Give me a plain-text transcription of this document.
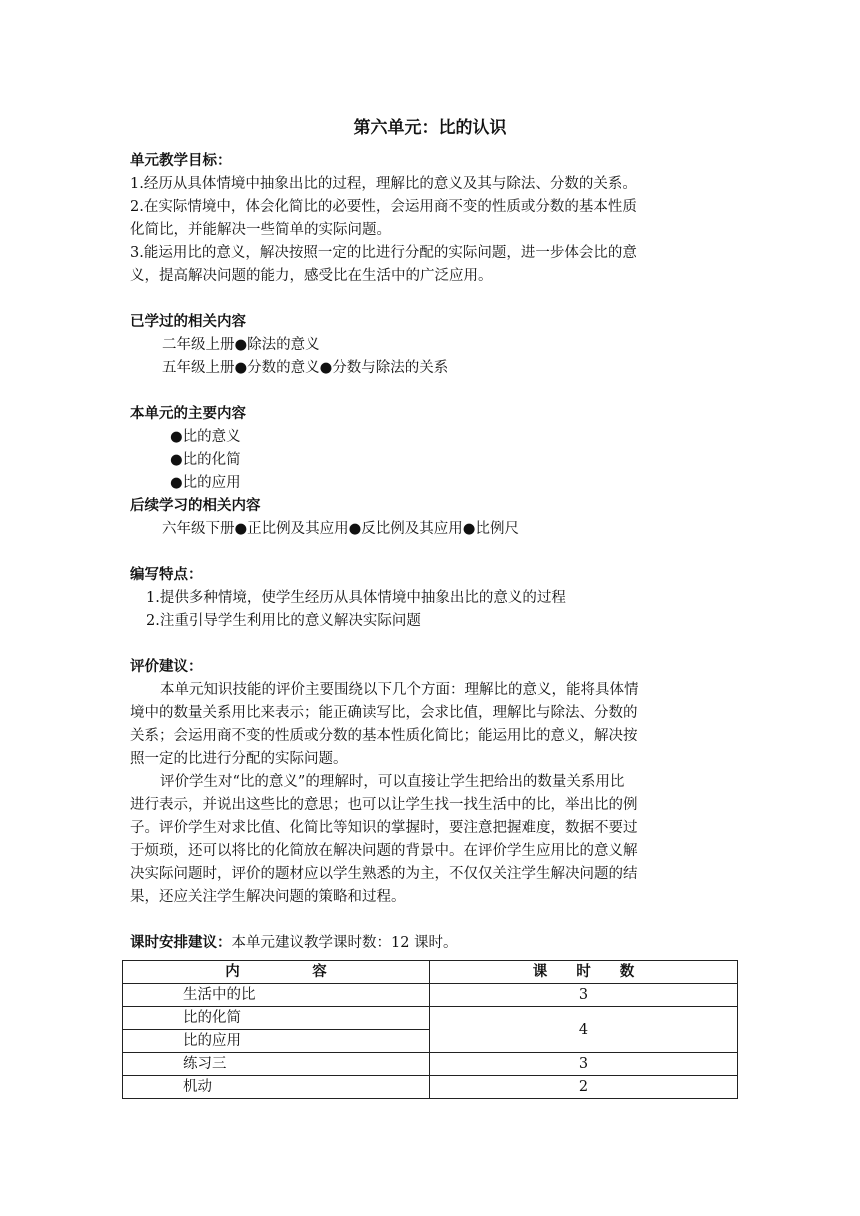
第六单元：比的认识
单元教学目标：
1.经历从具体情境中抽象出比的过程，理解比的意义及其与除法、分数的关系。
2.在实际情境中，体会化简比的必要性，会运用商不变的性质或分数的基本性质
化简比，并能解决一些简单的实际问题。
3.能运用比的意义，解决按照一定的比进行分配的实际问题，进一步体会比的意
义，提高解决问题的能力，感受比在生活中的广泛应用。
已学过的相关内容
二年级上册●除法的意义
五年级上册●分数的意义●分数与除法的关系
本单元的主要内容
●比的意义
●比的化简
●比的应用
后续学习的相关内容
六年级下册●正比例及其应用●反比例及其应用●比例尺
编写特点：
1.提供多种情境，使学生经历从具体情境中抽象出比的意义的过程
2.注重引导学生利用比的意义解决实际问题
评价建议：
本单元知识技能的评价主要围绕以下几个方面：理解比的意义，能将具体情
境中的数量关系用比来表示；能正确读写比，会求比值，理解比与除法、分数的
关系；会运用商不变的性质或分数的基本性质化简比；能运用比的意义，解决按
照一定的比进行分配的实际问题。
评价学生对“比的意义”的理解时，可以直接让学生把给出的数量关系用比
进行表示，并说出这些比的意思；也可以让学生找一找生活中的比，举出比的例
子。评价学生对求比值、化简比等知识的掌握时，要注意把握难度，数据不要过
于烦琐，还可以将比的化简放在解决问题的背景中。在评价学生应用比的意义解
决实际问题时，评价的题材应以学生熟悉的为主，不仅仅关注学生解决问题的结
果，还应关注学生解决问题的策略和过程。
课时安排建议：本单元建议教学课时数：12 课时。
内　　　　　容	课　　时　　数
生活中的比	3
比的化简	4
比的应用	
练习三	3
机动	2
